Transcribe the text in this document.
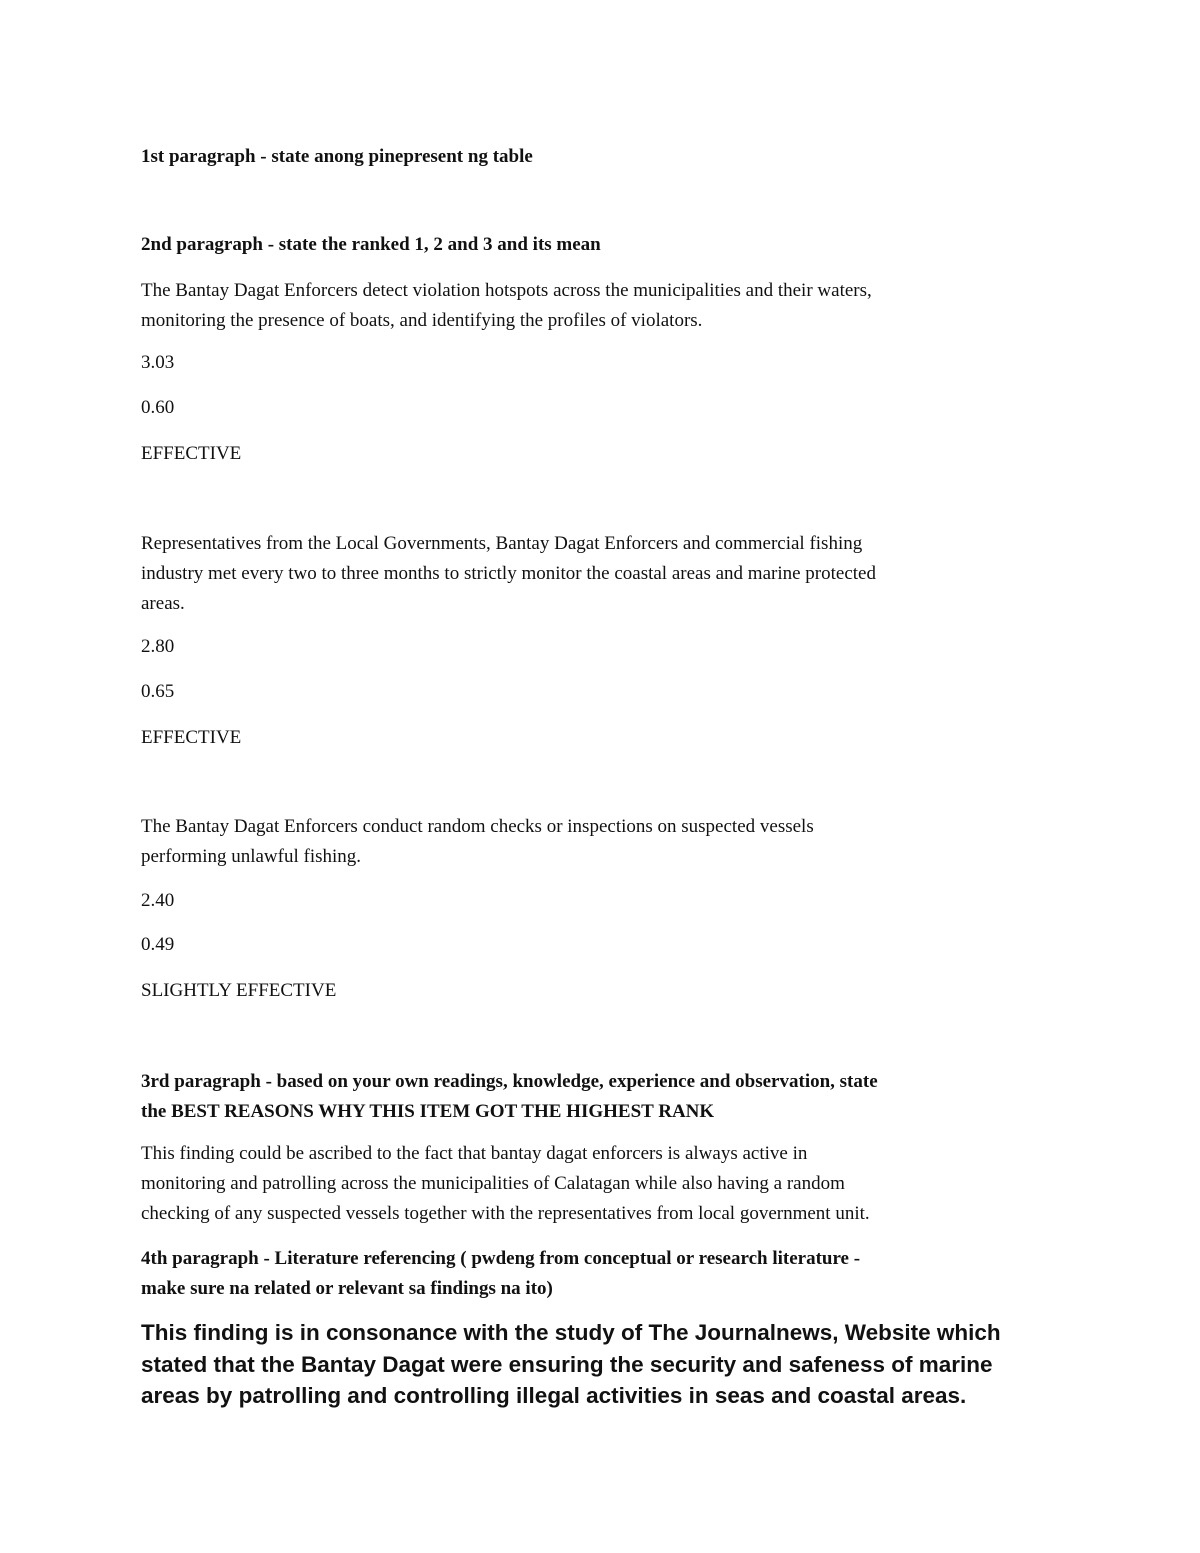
1st paragraph - state anong pinepresent ng table
2nd paragraph - state the ranked 1, 2 and 3 and its mean
The Bantay Dagat Enforcers detect violation hotspots across the municipalities and their waters,
monitoring the presence of boats, and identifying the profiles of violators.
3.03
0.60
EFFECTIVE
Representatives from the Local Governments, Bantay Dagat Enforcers and commercial fishing
industry met every two to three months to strictly monitor the coastal areas and marine protected
areas.
2.80
0.65
EFFECTIVE
The Bantay Dagat Enforcers conduct random checks or inspections on suspected vessels
performing unlawful fishing.
2.40
0.49
SLIGHTLY EFFECTIVE
3rd paragraph - based on your own readings, knowledge, experience and observation, state
the BEST REASONS WHY THIS ITEM GOT THE HIGHEST RANK
This finding could be ascribed to the fact that bantay dagat enforcers is always active in
monitoring and patrolling across the municipalities of Calatagan while also having a random
checking of any suspected vessels together with the representatives from local government unit.
4th paragraph - Literature referencing ( pwdeng from conceptual or research literature -
make sure na related or relevant sa findings na ito)
This finding is in consonance with the study of The Journalnews, Website which
stated that the Bantay Dagat were ensuring the security and safeness of marine
areas by patrolling and controlling illegal activities in seas and coastal areas.
